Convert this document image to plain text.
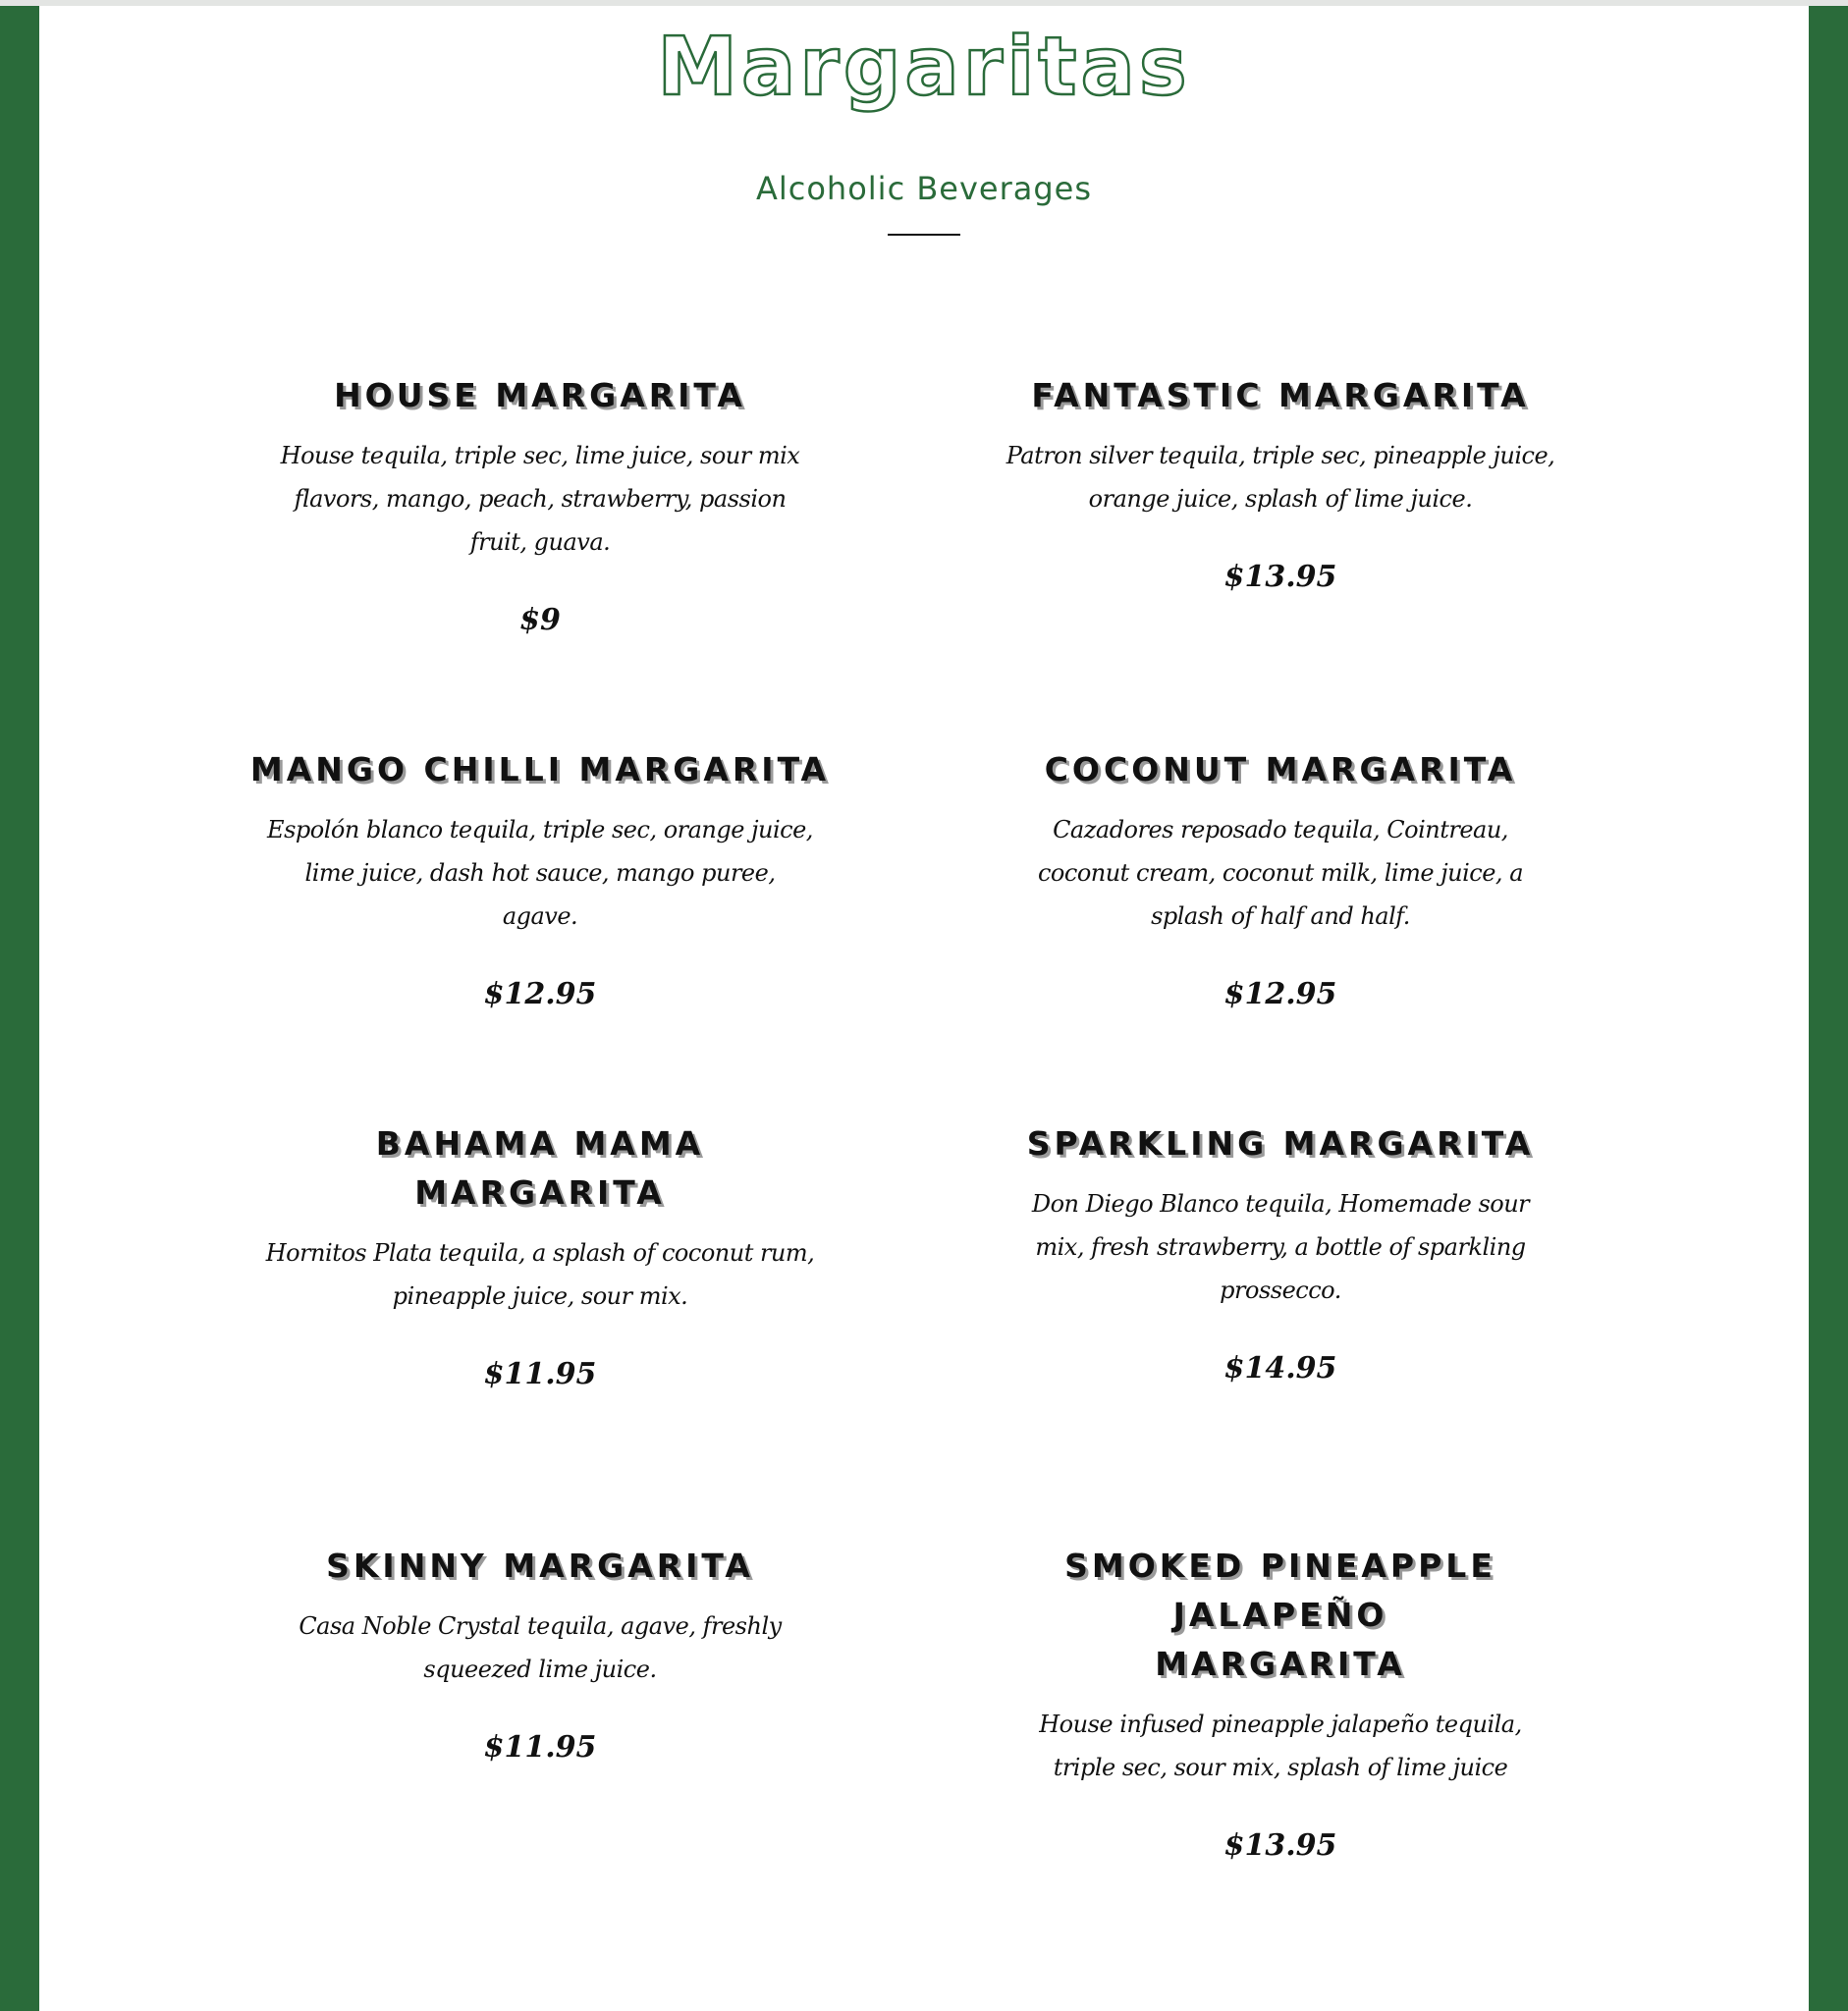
Margaritas
Alcoholic Beverages
HOUSE MARGARITA

House tequila, triple sec, lime juice, sour mix flavors, mango, peach, strawberry, passion fruit, guava.

$9

FANTASTIC MARGARITA

Patron silver tequila, triple sec, pineapple juice, orange juice, splash of lime juice.

$13.95

MANGO CHILLI MARGARITA

Espolón blanco tequila, triple sec, orange juice, lime juice, dash hot sauce, mango puree, agave.

$12.95

COCONUT MARGARITA

Cazadores reposado tequila, Cointreau, coconut cream, coconut milk, lime juice, a splash of half and half.

$12.95

BAHAMA MAMA MARGARITA

Hornitos Plata tequila, a splash of coconut rum, pineapple juice, sour mix.

$11.95

SPARKLING MARGARITA

Don Diego Blanco tequila, Homemade sour mix, fresh strawberry, a bottle of sparkling prossecco.

$14.95

SKINNY MARGARITA

Casa Noble Crystal tequila, agave, freshly squeezed lime juice.

$11.95

SMOKED PINEAPPLE JALAPEÑO MARGARITA

House infused pineapple jalapeño tequila, triple sec, sour mix, splash of lime juice

$13.95
